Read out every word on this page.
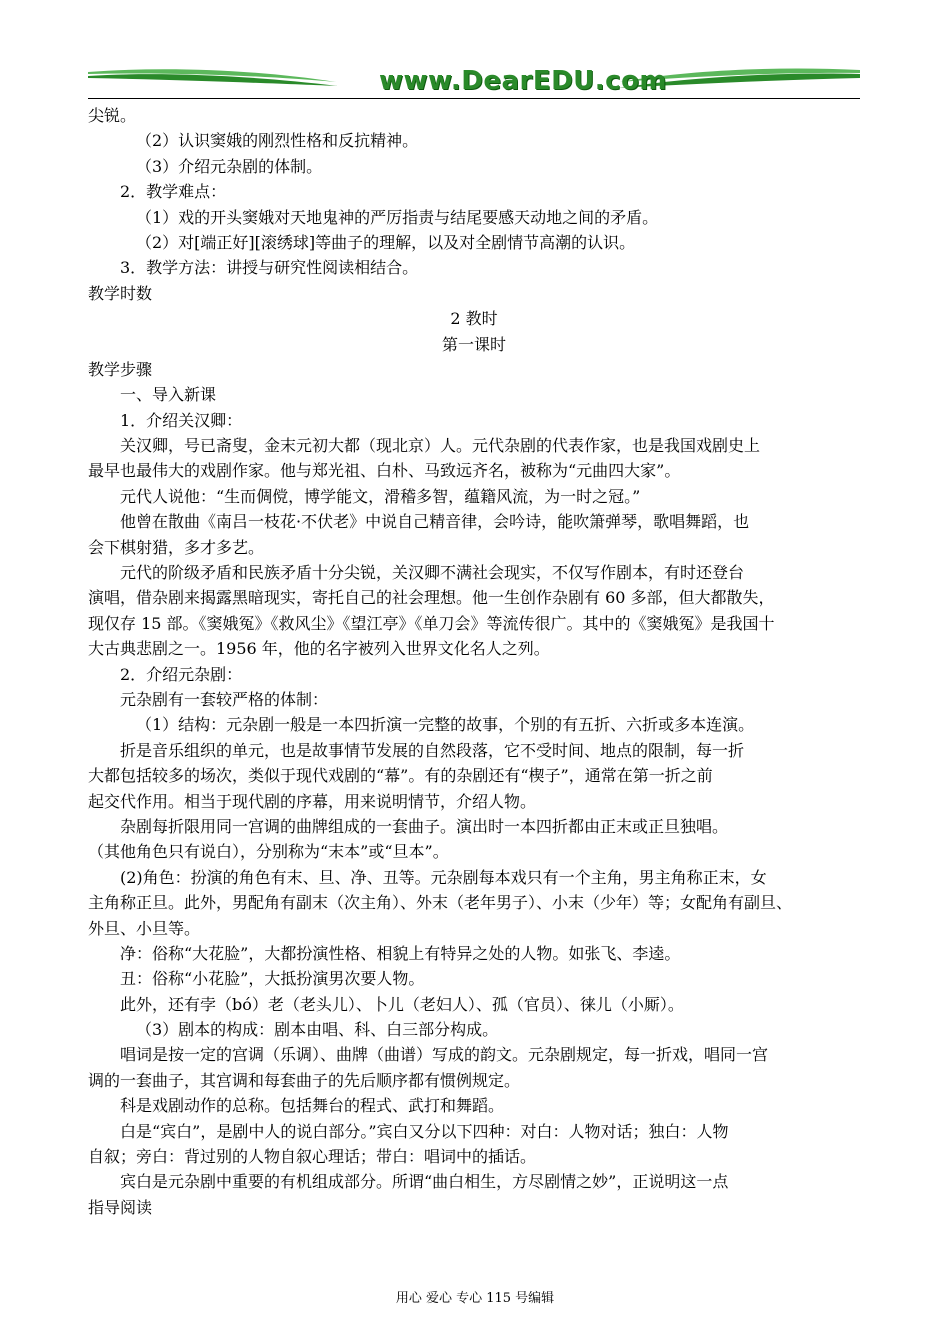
www.DearEDU.com
尖锐。
（2）认识窦娥的刚烈性格和反抗精神。
（3）介绍元杂剧的体制。
2．教学难点：
（1）戏的开头窦娥对天地鬼神的严厉指责与结尾要感天动地之间的矛盾。
（2）对[端正好][滚绣球]等曲子的理解，以及对全剧情节高潮的认识。
3．教学方法：讲授与研究性阅读相结合。
教学时数
2 教时
第一课时
教学步骤
一、导入新课
1．介绍关汉卿：
关汉卿，号已斋叟，金末元初大都（现北京）人。元代杂剧的代表作家，也是我国戏剧史上
最早也最伟大的戏剧作家。他与郑光祖、白朴、马致远齐名，被称为“元曲四大家”。
元代人说他：“生而倜傥，博学能文，滑稽多智，蕴籍风流，为一时之冠。”
他曾在散曲《南吕一枝花·不伏老》中说自己精音律，会吟诗，能吹箫弹琴，歌唱舞蹈，也
会下棋射猎，多才多艺。
元代的阶级矛盾和民族矛盾十分尖锐，关汉卿不满社会现实，不仅写作剧本，有时还登台
演唱，借杂剧来揭露黑暗现实，寄托自己的社会理想。他一生创作杂剧有 60 多部，但大都散失，
现仅存 15 部。《窦娥冤》《救风尘》《望江亭》《单刀会》等流传很广。其中的《窦娥冤》是我国十
大古典悲剧之一。1956 年，他的名字被列入世界文化名人之列。
2．介绍元杂剧：
元杂剧有一套较严格的体制：
（1）结构：元杂剧一般是一本四折演一完整的故事，个别的有五折、六折或多本连演。
折是音乐组织的单元，也是故事情节发展的自然段落，它不受时间、地点的限制，每一折
大都包括较多的场次，类似于现代戏剧的“幕”。有的杂剧还有“楔子”，通常在第一折之前
起交代作用。相当于现代剧的序幕，用来说明情节，介绍人物。
杂剧每折限用同一宫调的曲牌组成的一套曲子。演出时一本四折都由正末或正旦独唱。
（其他角色只有说白），分别称为“末本”或“旦本”。
(2)角色：扮演的角色有末、旦、净、丑等。元杂剧每本戏只有一个主角，男主角称正末，女
主角称正旦。此外，男配角有副末（次主角）、外末（老年男子）、小末（少年）等；女配角有副旦、
外旦、小旦等。
净：俗称“大花脸”，大都扮演性格、相貌上有特异之处的人物。如张飞、李逵。
丑：俗称“小花脸”，大抵扮演男次要人物。
此外，还有孛（bó）老（老头儿）、卜儿（老妇人）、孤（官员）、徕儿（小厮）。
（3）剧本的构成：剧本由唱、科、白三部分构成。
唱词是按一定的宫调（乐调）、曲牌（曲谱）写成的韵文。元杂剧规定，每一折戏，唱同一宫
调的一套曲子，其宫调和每套曲子的先后顺序都有惯例规定。
科是戏剧动作的总称。包括舞台的程式、武打和舞蹈。
白是“宾白”，是剧中人的说白部分。”宾白又分以下四种：对白：人物对话；独白：人物
自叙；旁白：背过别的人物自叙心理话；带白：唱词中的插话。
宾白是元杂剧中重要的有机组成部分。所谓“曲白相生，方尽剧情之妙”，正说明这一点
指导阅读
用心 爱心 专心 115 号编辑
